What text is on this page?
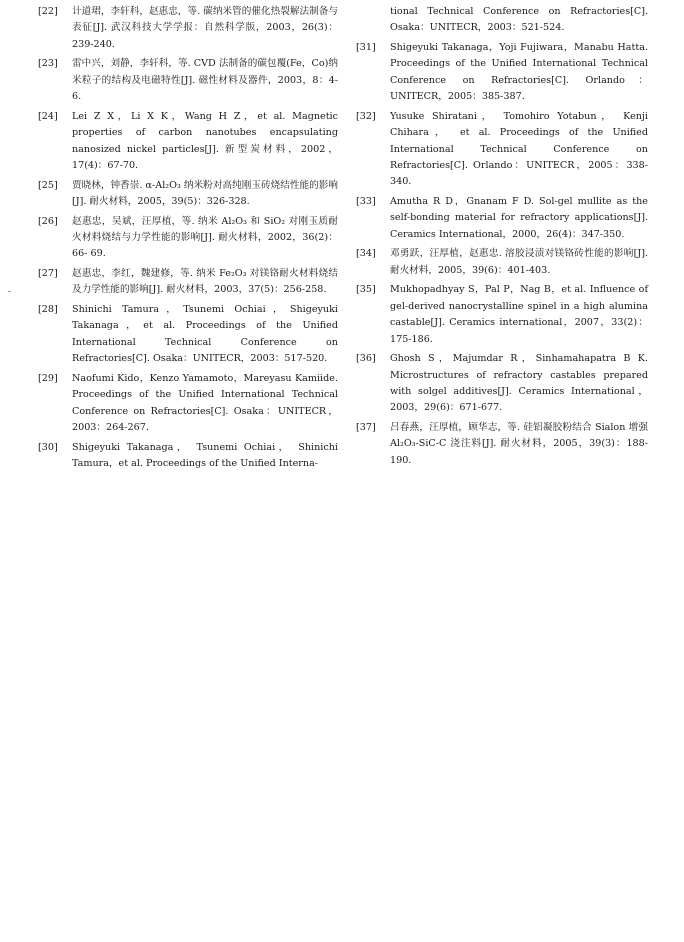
[22]	计道珺，李轩科，赵惠忠，等. 碳纳米管的催化热裂解法制备与表征[J]. 武汉科技大学学报：自然科学版，2003，26(3)：239-240.
[23]	雷中兴，刘静，李轩科，等. CVD 法制备的碳包覆(Fe，Co)纳米粒子的结构及电磁特性[J]. 磁性材料及器件，2003，8：4-6.
[24]	Lei Z X，Li X K，Wang H Z，et al. Magnetic properties of carbon nanotubes encapsulating nanosized nickel particles[J]. 新型炭材料，2002，17(4)：67-70.
[25]	贾晓林，钟香崇. α-Al₂O₃ 纳米粉对高纯刚玉砖烧结性能的影响[J]. 耐火材料，2005，39(5)：326-328.
[26]	赵惠忠，吴斌，汪厚植，等. 纳米 Al₂O₃ 和 SiO₂ 对刚玉质耐火材料烧结与力学性能的影响[J]. 耐火材料，2002，36(2)：66- 69.
[27]	赵惠忠，李红，魏建修，等. 纳米 Fe₂O₃ 对镁铬耐火材料烧结及力学性能的影响[J]. 耐火材料，2003，37(5)：256-258.
[28]	Shinichi Tamura，Tsunemi Ochiai，Shigeyuki Takanaga，et al. Proceedings of the Unified International Technical Conference on Refractories[C]. Osaka：UNITECR，2003：517-520.
[29]	Naofumi Kido，Kenzo Yamamoto，Mareyasu Kamiide. Proceedings of the Unified International Technical Conference on Refractories[C]. Osaka：UNITECR，2003：264-267.
[30]	Shigeyuki Takanaga， Tsunemi Ochiai， Shinichi Tamura，et al. Proceedings of the Unified Interna-
tional Technical Conference on Refractories[C]. Osaka：UNITECR，2003：521-524.
[31]	Shigeyuki Takanaga，Yoji Fujiwara，Manabu Hatta. Proceedings of the Unified International Technical Conference on Refractories[C]. Orlando：UNITECR，2005：385-387.
[32]	Yusuke Shiratani， Tomohiro Yotabun， Kenji Chihara， et al. Proceedings of the Unified International Technical Conference on Refractories[C]. Orlando：UNITECR，2005：338-340.
[33]	Amutha R D，Gnanam F D. Sol-gel mullite as the self-bonding material for refractory applications[J]. Ceramics International，2000，26(4)：347-350.
[34]	邓勇跃，汪厚植，赵惠忠. 溶胶浸渍对镁铬砖性能的影响[J]. 耐火材料，2005，39(6)：401-403.
[35]	Mukhopadhyay S，Pal P，Nag B，et al. Influence of gel-derived nanocrystalline spinel in a high alumina castable[J]. Ceramics international，2007，33(2)：175-186.
[36]	Ghosh S，Majumdar R，Sinhamahapatra B K. Microstructures of refractory castables prepared with solgel additives[J]. Ceramics International，2003，29(6)：671-677.
[37]	吕春燕，汪厚植，顾华志，等. 硅铝凝胶粉结合 Sialon 增强 Al₂O₃-SiC-C 浇注料[J]. 耐火材料，2005，39(3)：188-190.
